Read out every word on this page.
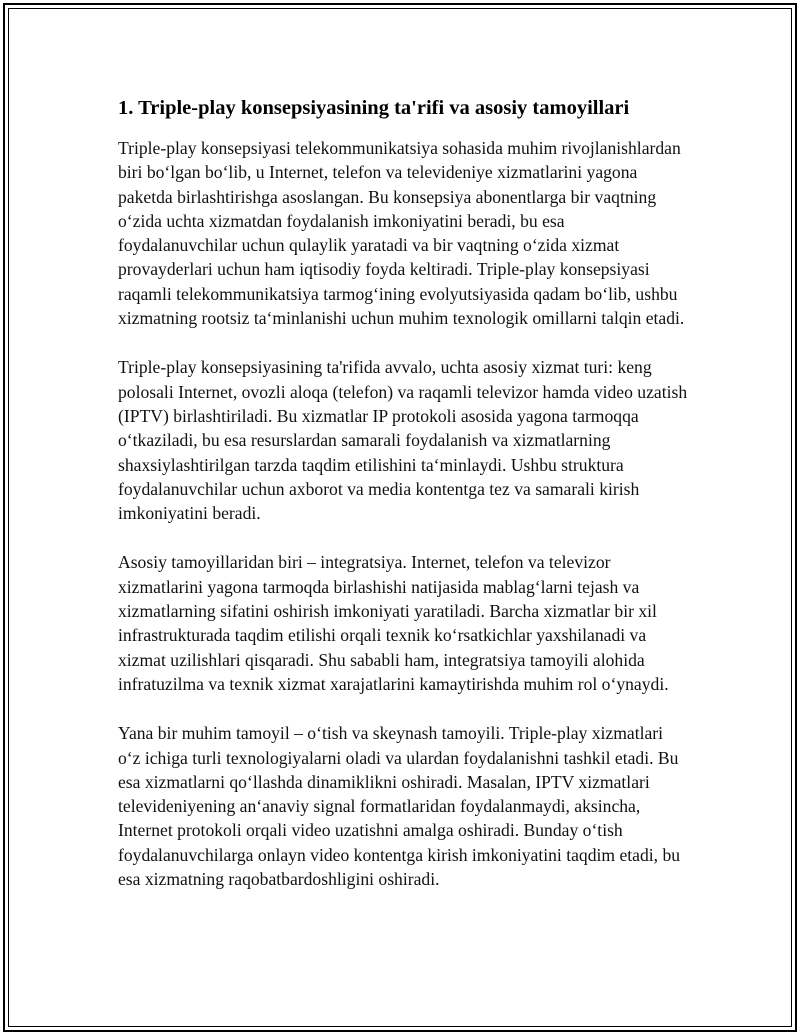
1. Triple-play konsepsiyasining ta'rifi va asosiy tamoyillari

Triple-play konsepsiyasi telekommunikatsiya sohasida muhim rivojlanishlardan biri bo‘lgan bo‘lib, u Internet, telefon va televideniye xizmatlarini yagona paketda birlashtirishga asoslangan. Bu konsepsiya abonentlarga bir vaqtning o‘zida uchta xizmatdan foydalanish imkoniyatini beradi, bu esa foydalanuvchilar uchun qulaylik yaratadi va bir vaqtning o‘zida xizmat provayderlari uchun ham iqtisodiy foyda keltiradi. Triple-play konsepsiyasi raqamli telekommunikatsiya tarmog‘ining evolyutsiyasida qadam bo‘lib, ushbu xizmatning rootsiz ta‘minlanishi uchun muhim texnologik omillarni talqin etadi.

Triple-play konsepsiyasining ta'rifida avvalo, uchta asosiy xizmat turi: keng polosali Internet, ovozli aloqa (telefon) va raqamli televizor hamda video uzatish (IPTV) birlashtiriladi. Bu xizmatlar IP protokoli asosida yagona tarmoqqa o‘tkaziladi, bu esa resurslardan samarali foydalanish va xizmatlarning shaxsiylashtirilgan tarzda taqdim etilishini ta‘minlaydi. Ushbu struktura foydalanuvchilar uchun axborot va media kontentga tez va samarali kirish imkoniyatini beradi.

Asosiy tamoyillaridan biri – integratsiya. Internet, telefon va televizor xizmatlarini yagona tarmoqda birlashishi natijasida mablag‘larni tejash va xizmatlarning sifatini oshirish imkoniyati yaratiladi. Barcha xizmatlar bir xil infrastrukturada taqdim etilishi orqali texnik ko‘rsatkichlar yaxshilanadi va xizmat uzilishlari qisqaradi. Shu sababli ham, integratsiya tamoyili alohida infratuzilma va texnik xizmat xarajatlarini kamaytirishda muhim rol o‘ynaydi.

Yana bir muhim tamoyil – o‘tish va skeynash tamoyili. Triple-play xizmatlari o‘z ichiga turli texnologiyalarni oladi va ulardan foydalanishni tashkil etadi. Bu esa xizmatlarni qo‘llashda dinamiklikni oshiradi. Masalan, IPTV xizmatlari televideniyening an‘anaviy signal formatlaridan foydalanmaydi, aksincha, Internet protokoli orqali video uzatishni amalga oshiradi. Bunday o‘tish foydalanuvchilarga onlayn video kontentga kirish imkoniyatini taqdim etadi, bu esa xizmatning raqobatbardoshligini oshiradi.
